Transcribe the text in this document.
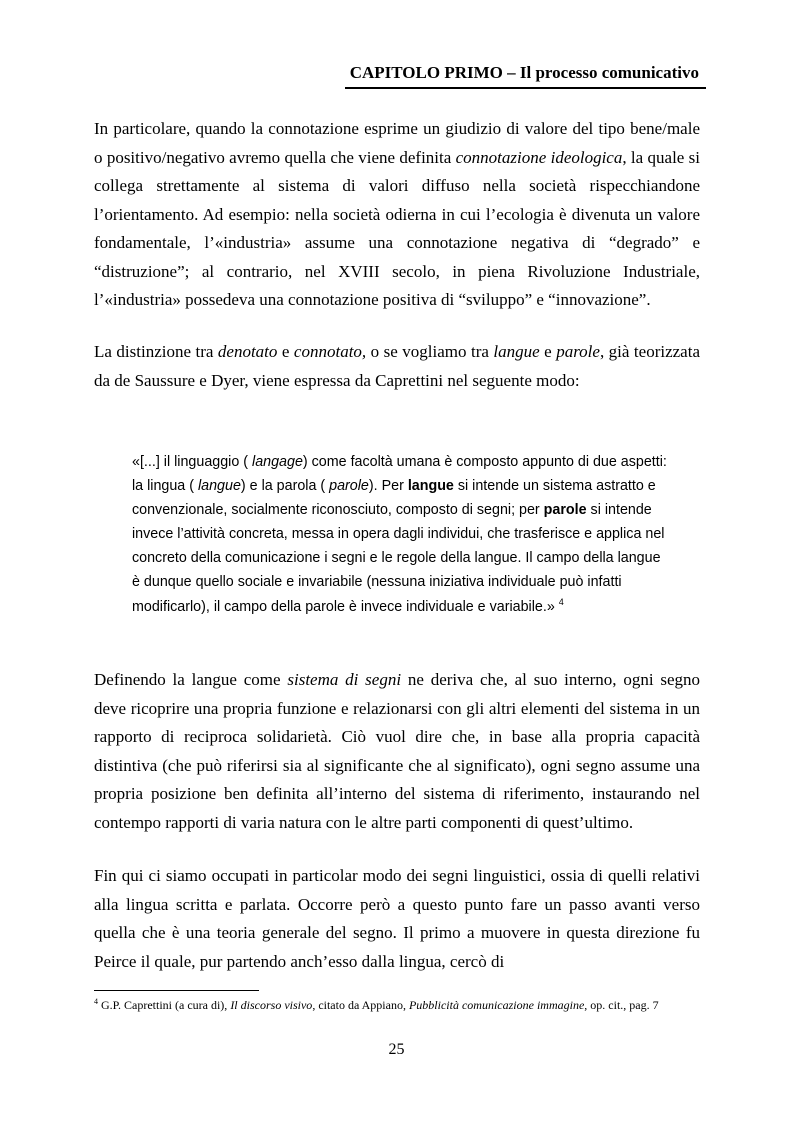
CAPITOLO PRIMO – Il processo comunicativo

In particolare, quando la connotazione esprime un giudizio di valore del tipo bene/male o positivo/negativo avremo quella che viene definita connotazione ideologica, la quale si collega strettamente al sistema di valori diffuso nella società rispecchiandone l’orientamento. Ad esempio: nella società odierna in cui l’ecologia è divenuta un valore fondamentale, l’«industria» assume una connotazione negativa di “degrado” e “distruzione”; al contrario, nel XVIII secolo, in piena Rivoluzione Industriale, l’«industria» possedeva una connotazione positiva di “sviluppo” e “innovazione”.

La distinzione tra denotato e connotato, o se vogliamo tra langue e parole, già teorizzata da de Saussure e Dyer, viene espressa da Caprettini nel seguente modo:

«[...] il linguaggio ( langage) come facoltà umana è composto appunto di due aspetti: la lingua ( langue) e la parola ( parole). Per langue si intende un sistema astratto e convenzionale, socialmente riconosciuto, composto di segni; per parole si intende invece l’attività concreta, messa in opera dagli individui, che trasferisce e applica nel concreto della comunicazione i segni e le regole della langue. Il campo della langue è dunque quello sociale e invariabile (nessuna iniziativa individuale può infatti modificarlo), il campo della parole è invece individuale e variabile.» $^4$

Definendo la langue come sistema di segni ne deriva che, al suo interno, ogni segno deve ricoprire una propria funzione e relazionarsi con gli altri elementi del sistema in un rapporto di reciproca solidarietà. Ciò vuol dire che, in base alla propria capacità distintiva (che può riferirsi sia al significante che al significato), ogni segno assume una propria posizione ben definita all’interno del sistema di riferimento, instaurando nel contempo rapporti di varia natura con le altre parti componenti di quest’ultimo.

Fin qui ci siamo occupati in particolar modo dei segni linguistici, ossia di quelli relativi alla lingua scritta e parlata. Occorre però a questo punto fare un passo avanti verso quella che è una teoria generale del segno. Il primo a muovere in questa direzione fu Peirce il quale, pur partendo anch’esso dalla lingua, cercò di

$^4$ G.P. Caprettini (a cura di), Il discorso visivo, citato da Appiano, Pubblicità comunicazione immagine, op. cit., pag. 7
25
